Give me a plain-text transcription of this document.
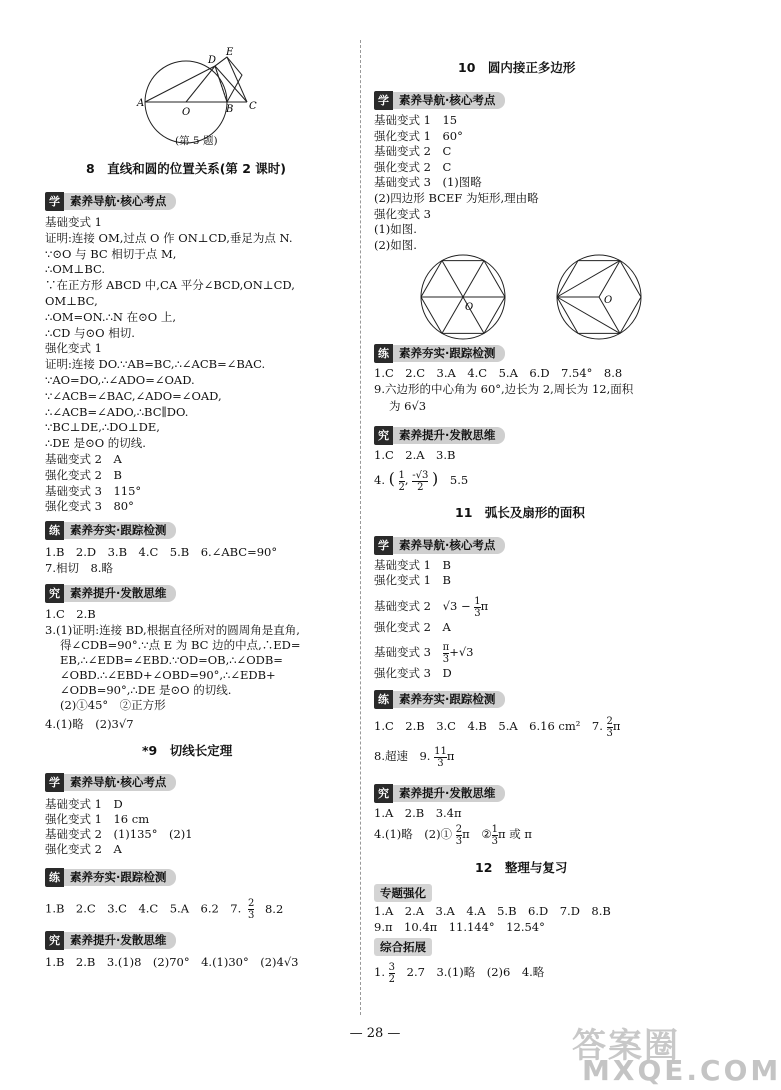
A
B C
D
E
O
(第 5 题)
8　直线和圆的位置关系(第 2 课时)
学 素养导航·核心考点
基础变式 1
证明:连接 OM,过点 O 作 ON⊥CD,垂足为点 N.
∵⊙O 与 BC 相切于点 M,
∴OM⊥BC.
∵在正方形 ABCD 中,CA 平分∠BCD,ON⊥CD,
OM⊥BC,
∴OM=ON.∴N 在⊙O 上,
∴CD 与⊙O 相切.
强化变式 1
证明:连接 DO.∵AB=BC,∴∠ACB=∠BAC.
∵AO=DO,∴∠ADO=∠OAD.
∵∠ACB=∠BAC,∠ADO=∠OAD,
∴∠ACB=∠ADO,∴BC∥DO.
∵BC⊥DE,∴DO⊥DE,
∴DE 是⊙O 的切线.
基础变式 2　A
强化变式 2　B
基础变式 3　115°
强化变式 3　80°
练 素养夯实·跟踪检测
1.B　2.D　3.B　4.C　5.B　6.∠ABC=90°
7.相切　8.略
究 素养提升·发散思维
1.C　2.B
3.(1)证明:连接 BD,根据直径所对的圆周角是直角,
得∠CDB=90°.∵点 E 为 BC 边的中点,∴ED=
EB,∴∠EDB=∠EBD.∵OD=OB,∴∠ODB=
∠OBD.∴∠EBD+∠OBD=90°,∴∠EDB+
∠ODB=90°,∴DE 是⊙O 的切线.
(2)①45°　②正方形
4.(1)略　(2)3√7
*9　切线长定理
学 素养导航·核心考点
基础变式 1　D
强化变式 1　16 cm
基础变式 2　(1)135°　(2)1
强化变式 2　A
练 素养夯实·跟踪检测
1.B　2.C　3.C　4.C　5.A　6.2　7. $\frac{2}{3} 8.2$
究 素养提升·发散思维
1.B　2.B　3.(1)8　(2)70°　4.(1)30°　(2)4√3
10　圆内接正多边形
学 素养导航·核心考点
基础变式 1　15
强化变式 1　60°
基础变式 2　C
强化变式 2　C
基础变式 3　(1)图略
(2)四边形 BCEF 为矩形,理由略
强化变式 3
(1)如图.
(2)如图.
O
O
练 素养夯实·跟踪检测
1.C　2.C　3.A　4.C　5.A　6.D　7.54°　8.8
9.六边形的中心角为 60°,边长为 2,周长为 12,面积
为 6√3
究 素养提升·发散思维
1.C　2.A　3.B
4. ( $\frac{1}{2}$ , $\frac{-√3}{2}$ ) 5.5
11　弧长及扇形的面积
学 素养导航·核心考点
基础变式 1　B
强化变式 1　B
基础变式 2 $√3 - \frac{1}{3}$ π
强化变式 2　A
基础变式 $3 \frac{\pi}{3} +√3$
强化变式 3　D
练 素养夯实·跟踪检测
1.C　2.B　3.C　4.B　5.A　6.16 cm²　7. $\frac{2}{3}$ π
8.超速　9. $\frac{11}{3}$ π
究 素养提升·发散思维
1.A　2.B　3.4π
4.(1)略　(2)① $\frac{2}{3}$ π ② $\frac{1}{3}$ π 或 π
12　整理与复习
专题强化
1.A　2.A　3.A　4.A　5.B　6.D　7.D　8.B
9.π　10.4π　11.144°　12.54°
综合拓展
1. $\frac{3}{2} 2.7$　3.(1)略　(2)6　4.略
— 28 —	答案圈
MXQE.COM
